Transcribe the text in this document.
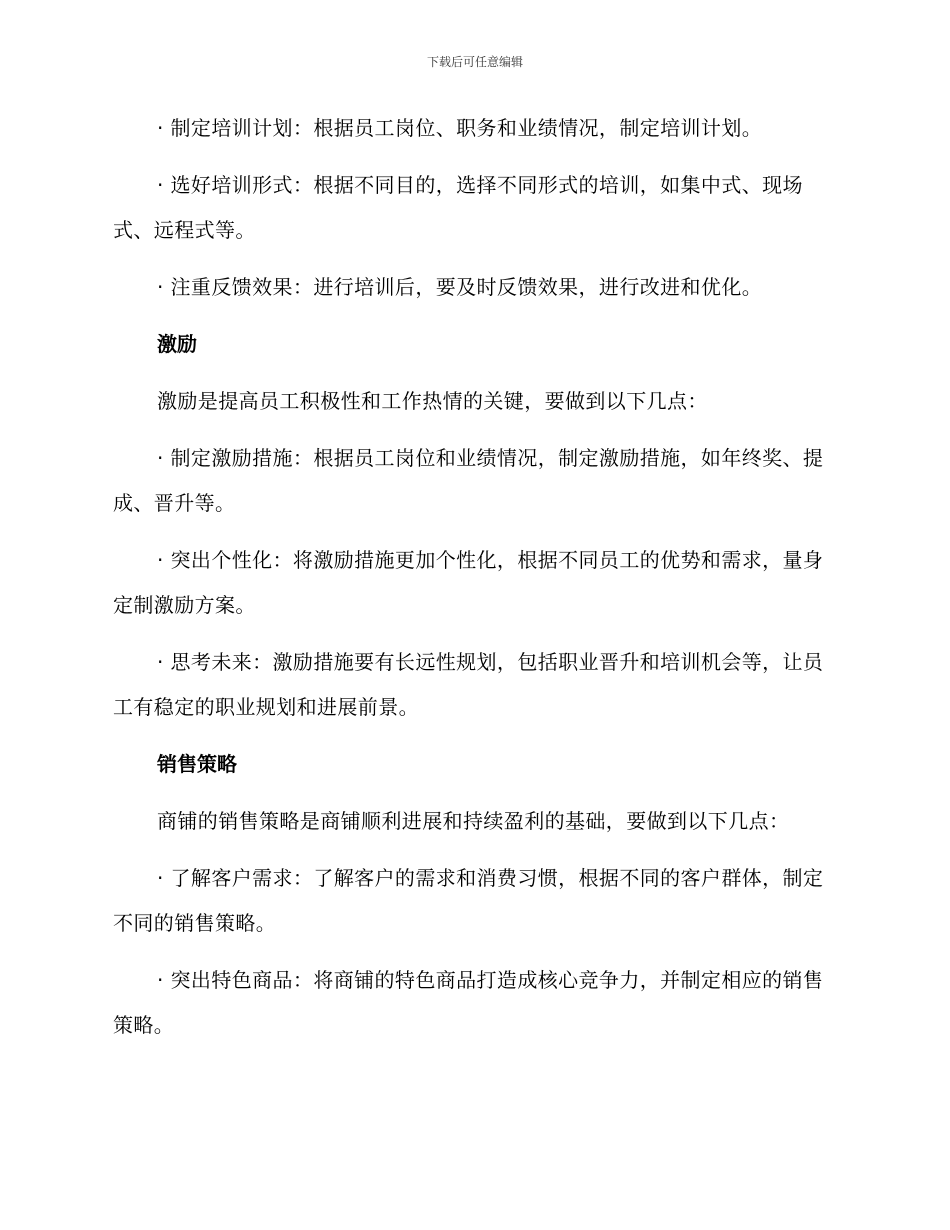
下载后可任意编辑

· 制定培训计划：根据员工岗位、职务和业绩情况，制定培训计划。

· 选好培训形式：根据不同目的，选择不同形式的培训，如集中式、现场式、远程式等。

· 注重反馈效果：进行培训后，要及时反馈效果，进行改进和优化。

激励

激励是提高员工积极性和工作热情的关键，要做到以下几点：

· 制定激励措施：根据员工岗位和业绩情况，制定激励措施，如年终奖、提成、晋升等。

· 突出个性化：将激励措施更加个性化，根据不同员工的优势和需求，量身定制激励方案。

· 思考未来：激励措施要有长远性规划，包括职业晋升和培训机会等，让员工有稳定的职业规划和进展前景。

销售策略

商铺的销售策略是商铺顺利进展和持续盈利的基础，要做到以下几点：

· 了解客户需求：了解客户的需求和消费习惯，根据不同的客户群体，制定不同的销售策略。

· 突出特色商品：将商铺的特色商品打造成核心竞争力，并制定相应的销售策略。
